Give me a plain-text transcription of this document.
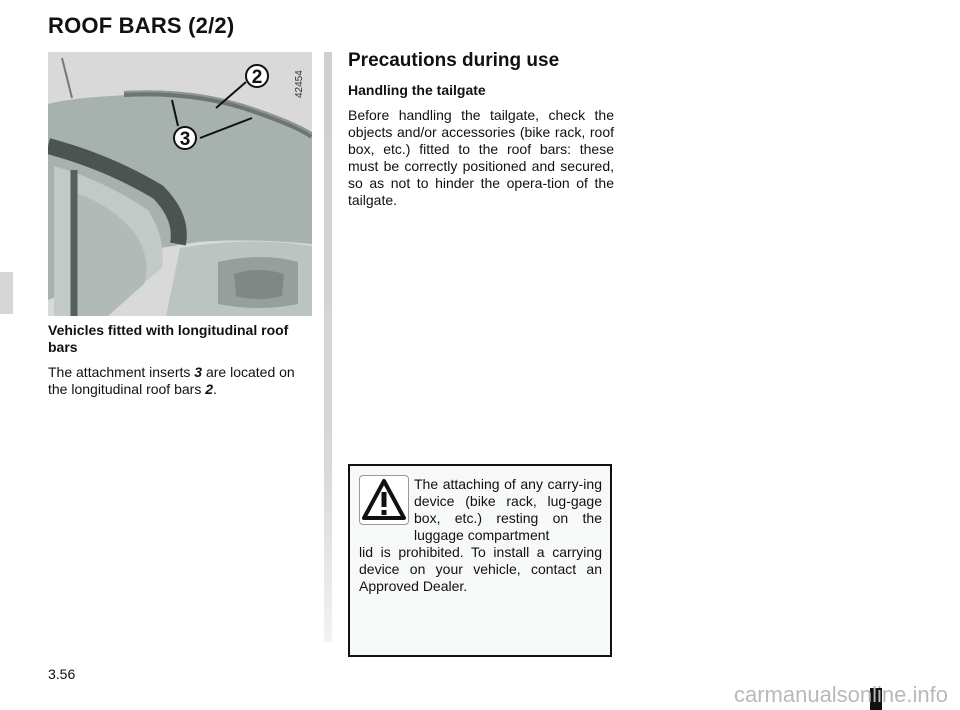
ROOF BARS (2/2)
2
3
42454

Vehicles fitted with longitudinal roof bars

The attachment inserts 3 are located on the longitudinal roof bars 2.

Precautions during use

Handling the tailgate

Before handling the tailgate, check the objects and/or accessories (bike rack, roof box, etc.) fitted to the roof bars: these must be correctly positioned and secured, so as not to hinder the opera-tion of the tailgate.

The attaching of any carry-ing device (bike rack, lug-gage box, etc.) resting on the luggage compartment
lid is prohibited. To install a carrying device on your vehicle, contact an Approved Dealer.
3.56
carmanualsonline.info
